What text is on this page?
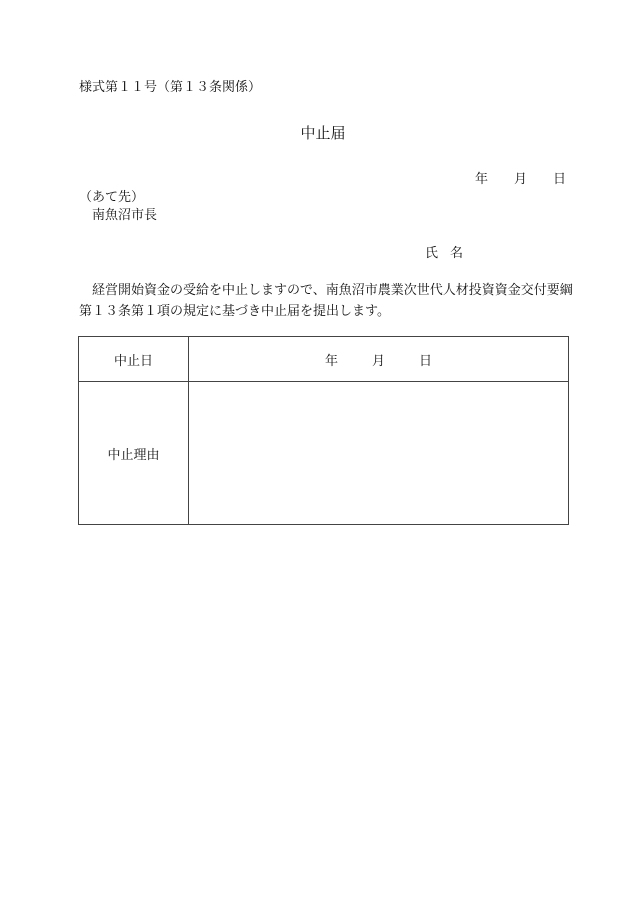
様式第１１号（第１３条関係）
中止届
年 月 日
（あて先）
南魚沼市長
氏 名
経営開始資金の受給を中止しますので、南魚沼市農業次世代人材投資資金交付要綱第１３条第１項の規定に基づき中止届を提出します。
中止日	年 月 日
中止理由	
